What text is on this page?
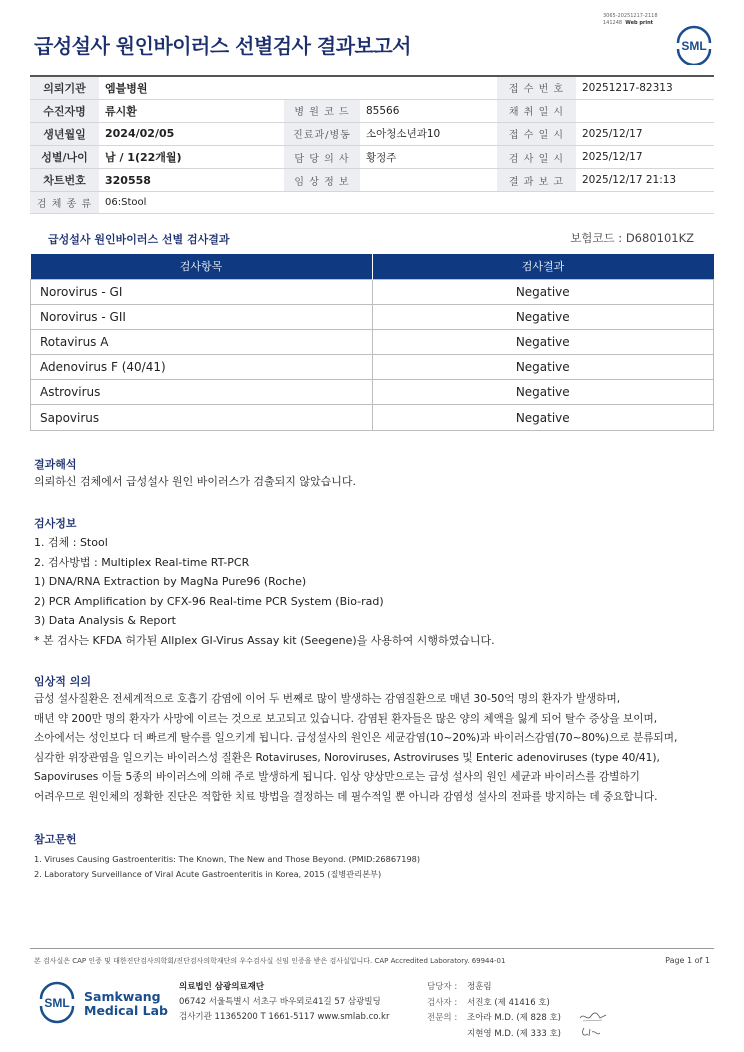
3065-20251217-2118
141248 Web print
급성설사 원인바이러스 선별검사 결과보고서	SML
의뢰기관	엠블병원			접 수 번 호	20251217-82313
수진자명	류시환	병 원 코 드	85566	채 취 일 시	
생년월일	2024/02/05	진료과/병동	소아청소년과10	접 수 일 시	2025/12/17
성별/나이	남 / 1(22개월)	담 당 의 사	황정주	검 사 일 시	2025/12/17
차트번호	320558	임 상 정 보		결 과 보 고	2025/12/17 21:13
검 체 종 류	06:Stool				
급성설사 원인바이러스 선별 검사결과	보험코드 : D680101KZ
검사항목	검사결과
Norovirus - GI	Negative
Norovirus - GII	Negative
Rotavirus A	Negative
Adenovirus F (40/41)	Negative
Astrovirus	Negative
Sapovirus	Negative
결과해석
의뢰하신 검체에서 급성설사 원인 바이러스가 검출되지 않았습니다.
검사정보
1. 검체 : Stool
2. 검사방법 : Multiplex Real-time RT-PCR
1) DNA/RNA Extraction by MagNa Pure96 (Roche)
2) PCR Amplification by CFX-96 Real-time PCR System (Bio-rad)
3) Data Analysis & Report
* 본 검사는 KFDA 허가된 Allplex GI-Virus Assay kit (Seegene)을 사용하여 시행하였습니다.
임상적 의의
급성 설사질환은 전세계적으로 호흡기 감염에 이어 두 번째로 많이 발생하는 감염질환으로 매년 30-50억 명의 환자가 발생하며,
매년 약 200만 명의 환자가 사망에 이르는 것으로 보고되고 있습니다. 감염된 환자들은 많은 양의 체액을 잃게 되어 탈수 증상을 보이며,
소아에서는 성인보다 더 빠르게 탈수를 일으키게 됩니다. 급성설사의 원인은 세균감염(10~20%)과 바이러스감염(70~80%)으로 분류되며,
심각한 위장관염을 일으키는 바이러스성 질환은 Rotaviruses, Noroviruses, Astroviruses 및 Enteric adenoviruses (type 40/41),
Sapoviruses 이들 5종의 바이러스에 의해 주로 발생하게 됩니다. 임상 양상만으로는 급성 설사의 원인 세균과 바이러스를 감별하기
어려우므로 원인체의 정확한 진단은 적합한 치료 방법을 결정하는 데 필수적일 뿐 아니라 감염성 설사의 전파를 방지하는 데 중요합니다.
참고문헌
1. Viruses Causing Gastroenteritis: The Known, The New and Those Beyond. (PMID:26867198)
2. Laboratory Surveillance of Viral Acute Gastroenteritis in Korea, 2015 (질병관리본부)
본 검사실은 CAP 인증 및 대한진단검사의학회/진단검사의학재단의 우수검사실 신임 인증을 받은 검사실입니다. CAP Accredited Laboratory. 69944-01	Page 1 of 1
SML Samkwang
Medical Lab
의료법인 삼광의료재단
06742 서울특별시 서초구 바우뫼로41길 57 삼광빌딩
검사기관 11365200 T 1661-5117 www.smlab.co.kr
담당자 : 정훈림
검사자 : 서진호 (제 41416 호)
전문의 : 조아라 M.D. (제 828 호)
지현영 M.D. (제 333 호)
